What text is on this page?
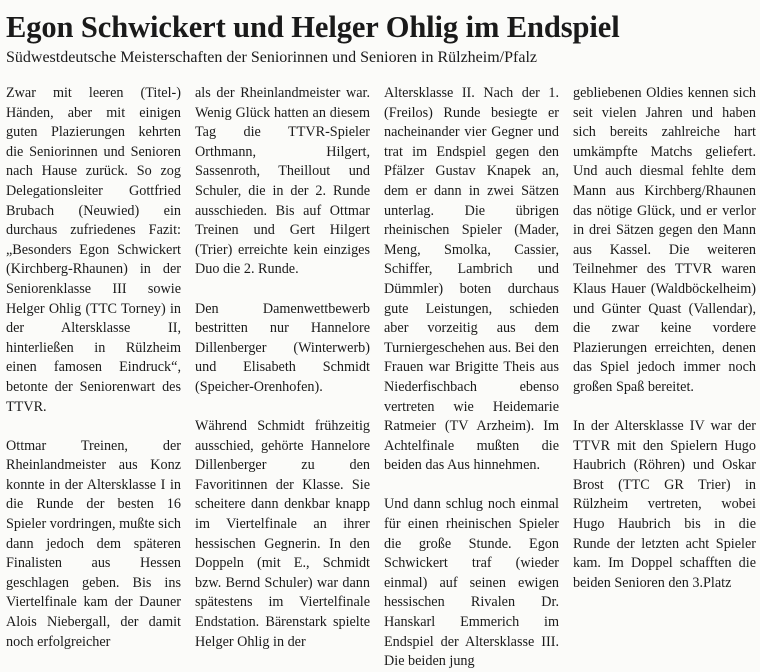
Egon Schwickert und Helger Ohlig im Endspiel
Südwestdeutsche Meisterschaften der Seniorinnen und Senioren in Rülzheim/Pfalz

Zwar mit leeren (Titel-) Händen, aber mit einigen guten Plazierungen kehrten die Seniorinnen und Senioren nach Hause zurück. So zog Delegationsleiter Gottfried Brubach (Neuwied) ein durchaus zufriedenes Fazit: „Besonders Egon Schwickert (Kirchberg-Rhaunen) in der Seniorenklasse III sowie Helger Ohlig (TTC Torney) in der Altersklasse II, hinterließen in Rülzheim einen famosen Eindruck“, betonte der Seniorenwart des TTVR.

Ottmar Treinen, der Rheinlandmeister aus Konz konnte in der Altersklasse I in die Runde der besten 16 Spieler vordringen, mußte sich dann jedoch dem späteren Finalisten aus Hessen geschlagen geben. Bis ins Viertelfinale kam der Dauner Alois Niebergall, der damit noch erfolgreicher

als der Rheinlandmeister war. Wenig Glück hatten an diesem Tag die TTVR-Spieler Orthmann, Hilgert, Sassenroth, Theillout und Schuler, die in der 2. Runde ausschieden. Bis auf Ottmar Treinen und Gert Hilgert (Trier) erreichte kein einziges Duo die 2. Runde.

Den Damenwettbewerb bestritten nur Hannelore Dillenberger (Winterwerb) und Elisabeth Schmidt (Speicher-Orenhofen).

Während Schmidt frühzeitig ausschied, gehörte Hannelore Dillenberger zu den Favoritinnen der Klasse. Sie scheitere dann denkbar knapp im Viertelfinale an ihrer hessischen Gegnerin. In den Doppeln (mit E., Schmidt bzw. Bernd Schuler) war dann spätestens im Viertelfinale Endstation. Bärenstark spielte Helger Ohlig in der

Altersklasse II. Nach der 1.(Freilos) Runde besiegte er nacheinander vier Gegner und trat im Endspiel gegen den Pfälzer Gustav Knapek an, dem er dann in zwei Sätzen unterlag. Die übrigen rheinischen Spieler (Mader, Meng, Smolka, Cassier, Schiffer, Lambrich und Dümmler) boten durchaus gute Leistungen, schieden aber vorzeitig aus dem Turniergeschehen aus. Bei den Frauen war Brigitte Theis aus Niederfischbach ebenso vertreten wie Heidemarie Ratmeier (TV Arzheim). Im Achtelfinale mußten die beiden das Aus hinnehmen.

Und dann schlug noch einmal für einen rheinischen Spieler die große Stunde. Egon Schwickert traf (wieder einmal) auf seinen ewigen hessischen Rivalen Dr. Hanskarl Emmerich im Endspiel der Altersklasse III. Die beiden jung

gebliebenen Oldies kennen sich seit vielen Jahren und haben sich bereits zahlreiche hart umkämpfte Matchs geliefert. Und auch diesmal fehlte dem Mann aus Kirchberg/Rhaunen das nötige Glück, und er verlor in drei Sätzen gegen den Mann aus Kassel. Die weiteren Teilnehmer des TTVR waren Klaus Hauer (Waldböckelheim) und Günter Quast (Vallendar), die zwar keine vordere Plazierungen erreichten, denen das Spiel jedoch immer noch großen Spaß bereitet.

In der Altersklasse IV war der TTVR mit den Spielern Hugo Haubrich (Röhren) und Oskar Brost (TTC GR Trier) in Rülzheim vertreten, wobei Hugo Haubrich bis in die Runde der letzten acht Spieler kam. Im Doppel schafften die beiden Senioren den 3.Platz
